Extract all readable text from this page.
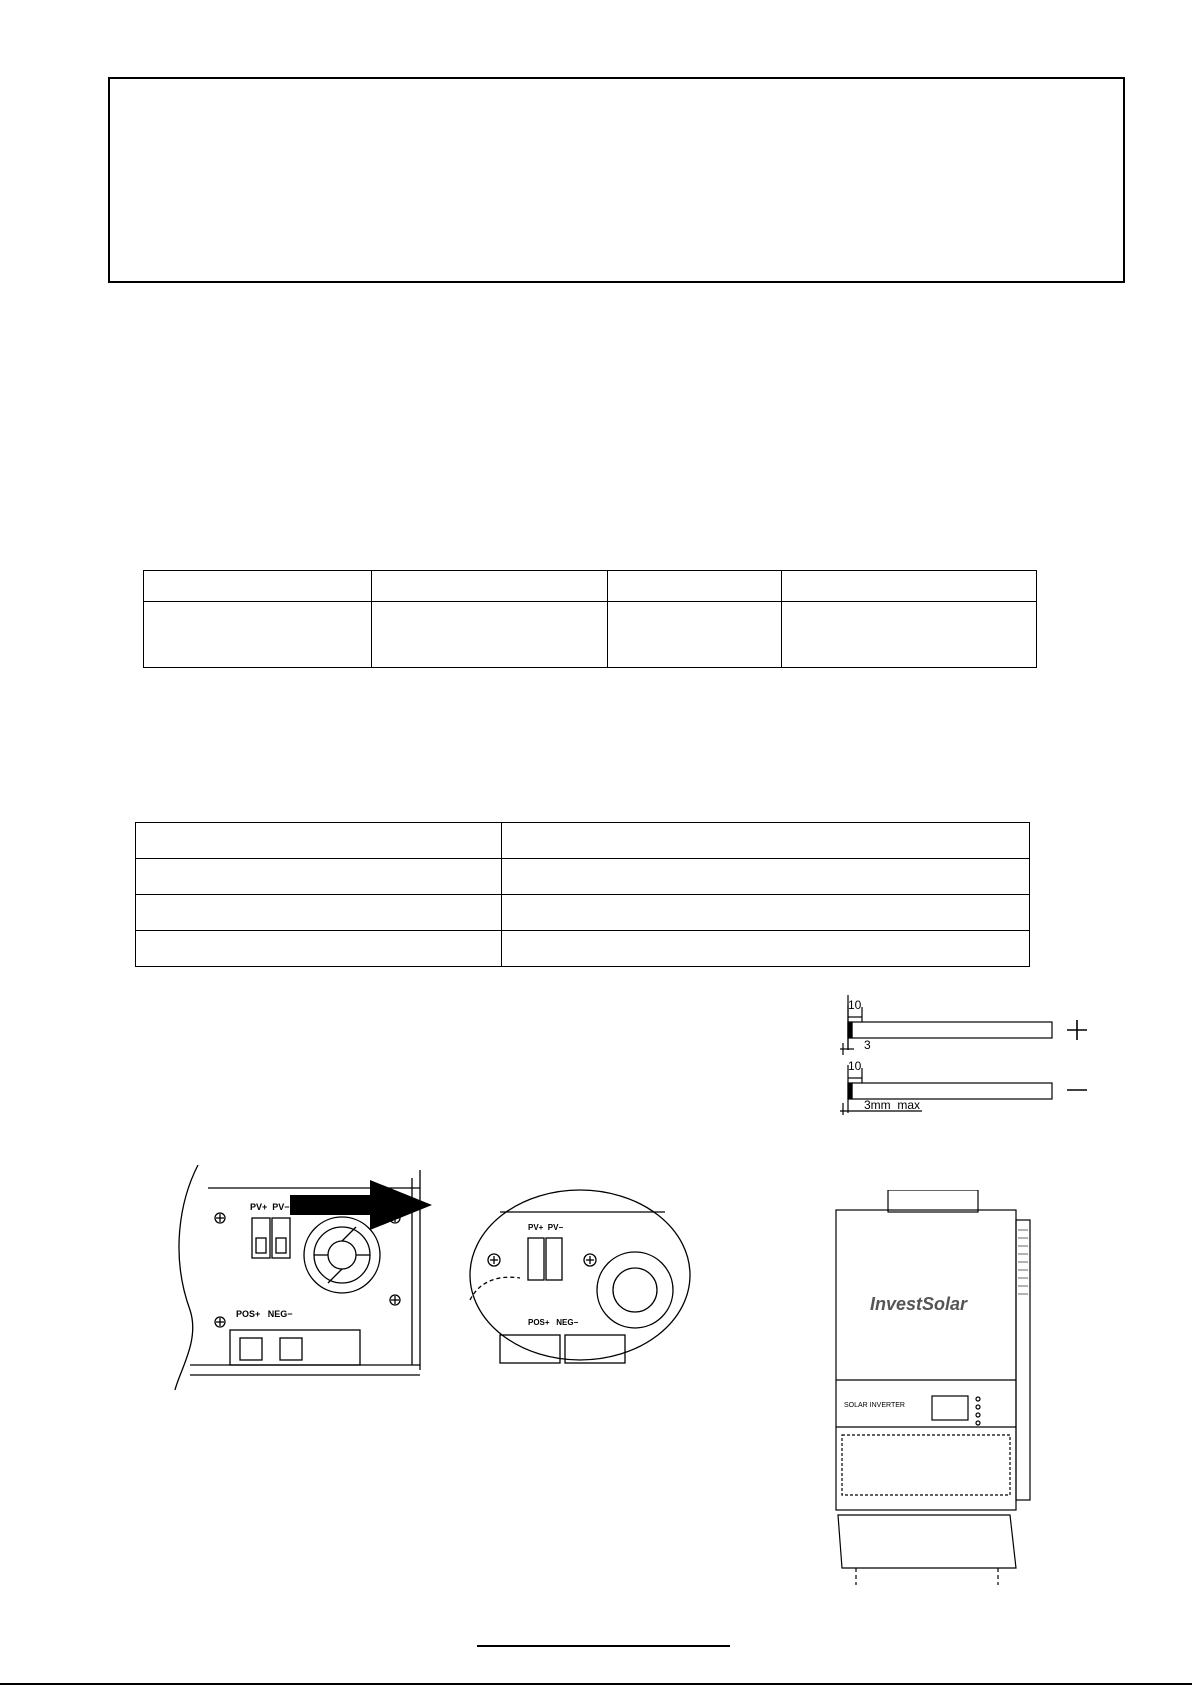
10
3
10
3mm  max
PV+  PV−
PV+  PV−
POS+   NEG−
POS+   NEG−
InvestSolar
SOLAR INVERTER
